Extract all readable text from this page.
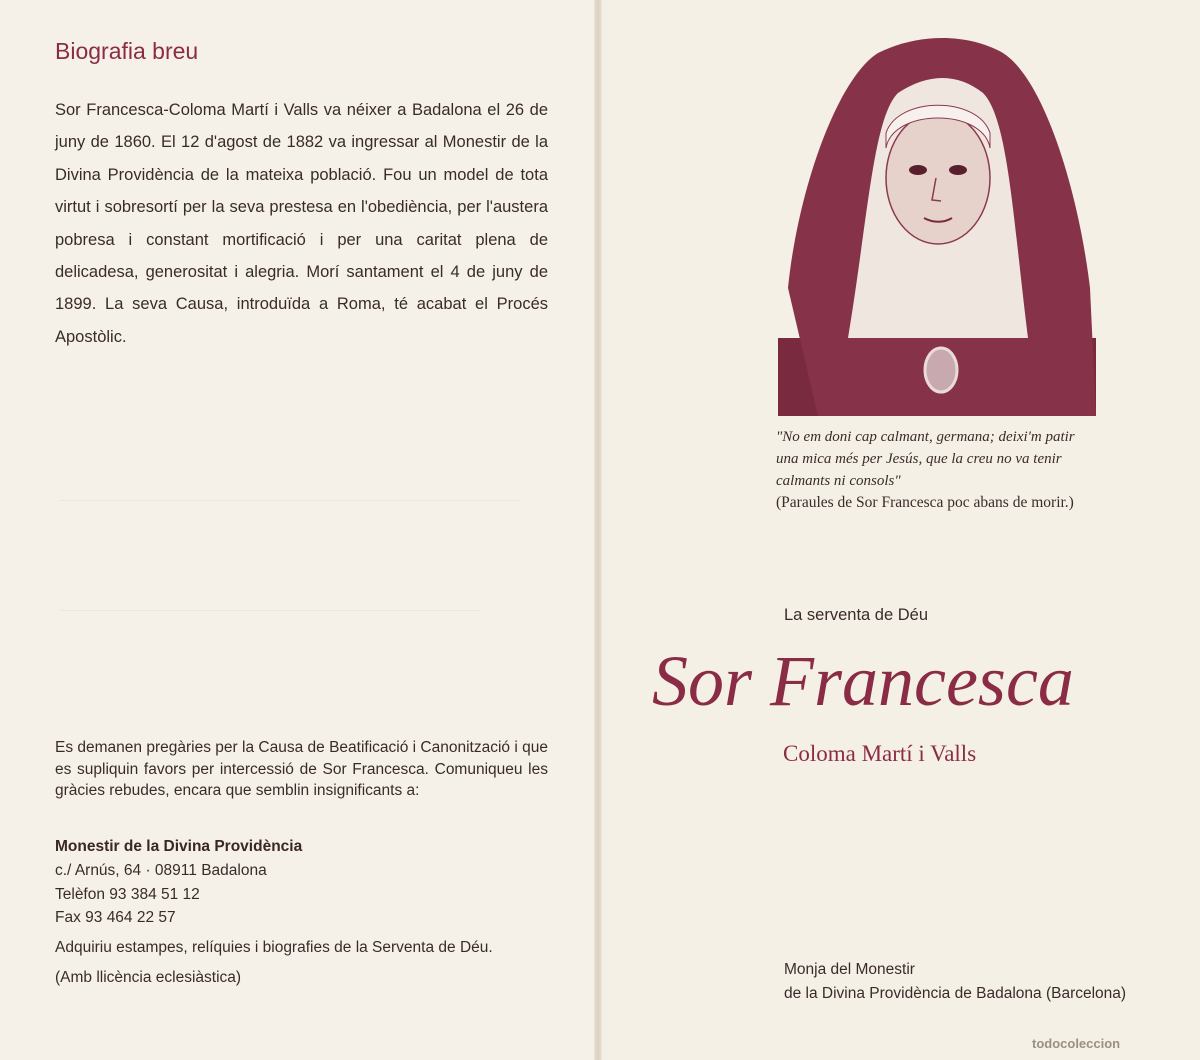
Biografia breu

Sor Francesca-Coloma Martí i Valls va néixer a Badalona el 26 de juny de 1860. El 12 d'agost de 1882 va ingressar al Monestir de la Divina Providència de la mateixa població. Fou un model de tota virtut i sobresortí per la seva prestesa en l'obediència, per l'austera pobresa i constant mortificació i per una caritat plena de delicadesa, generositat i alegria. Morí santament el 4 de juny de 1899. La seva Causa, introduïda a Roma, té acabat el Procés Apostòlic.

Es demanen pregàries per la Causa de Beatificació i Canonització i que es supliquin favors per intercessió de Sor Francesca. Comuniqueu les gràcies rebudes, encara que semblin insignificants a:

Monestir de la Divina Providència

c./ Arnús, 64 · 08911 Badalona

Telèfon 93 384 51 12

Fax 93 464 22 57

Adquiriu estampes, relíquies i biografies de la Serventa de Déu.

(Amb llicència eclesiàstica)

"No em doni cap calmant, germana; deixi'm patir
una mica més per Jesús, que la creu no va tenir
calmants ni consols"

(Paraules de Sor Francesca poc abans de morir.)

La serventa de Déu

Sor Francesca

Coloma Martí i Valls

Monja del Monestir

de la Divina Providència de Badalona (Barcelona)

todocoleccion
